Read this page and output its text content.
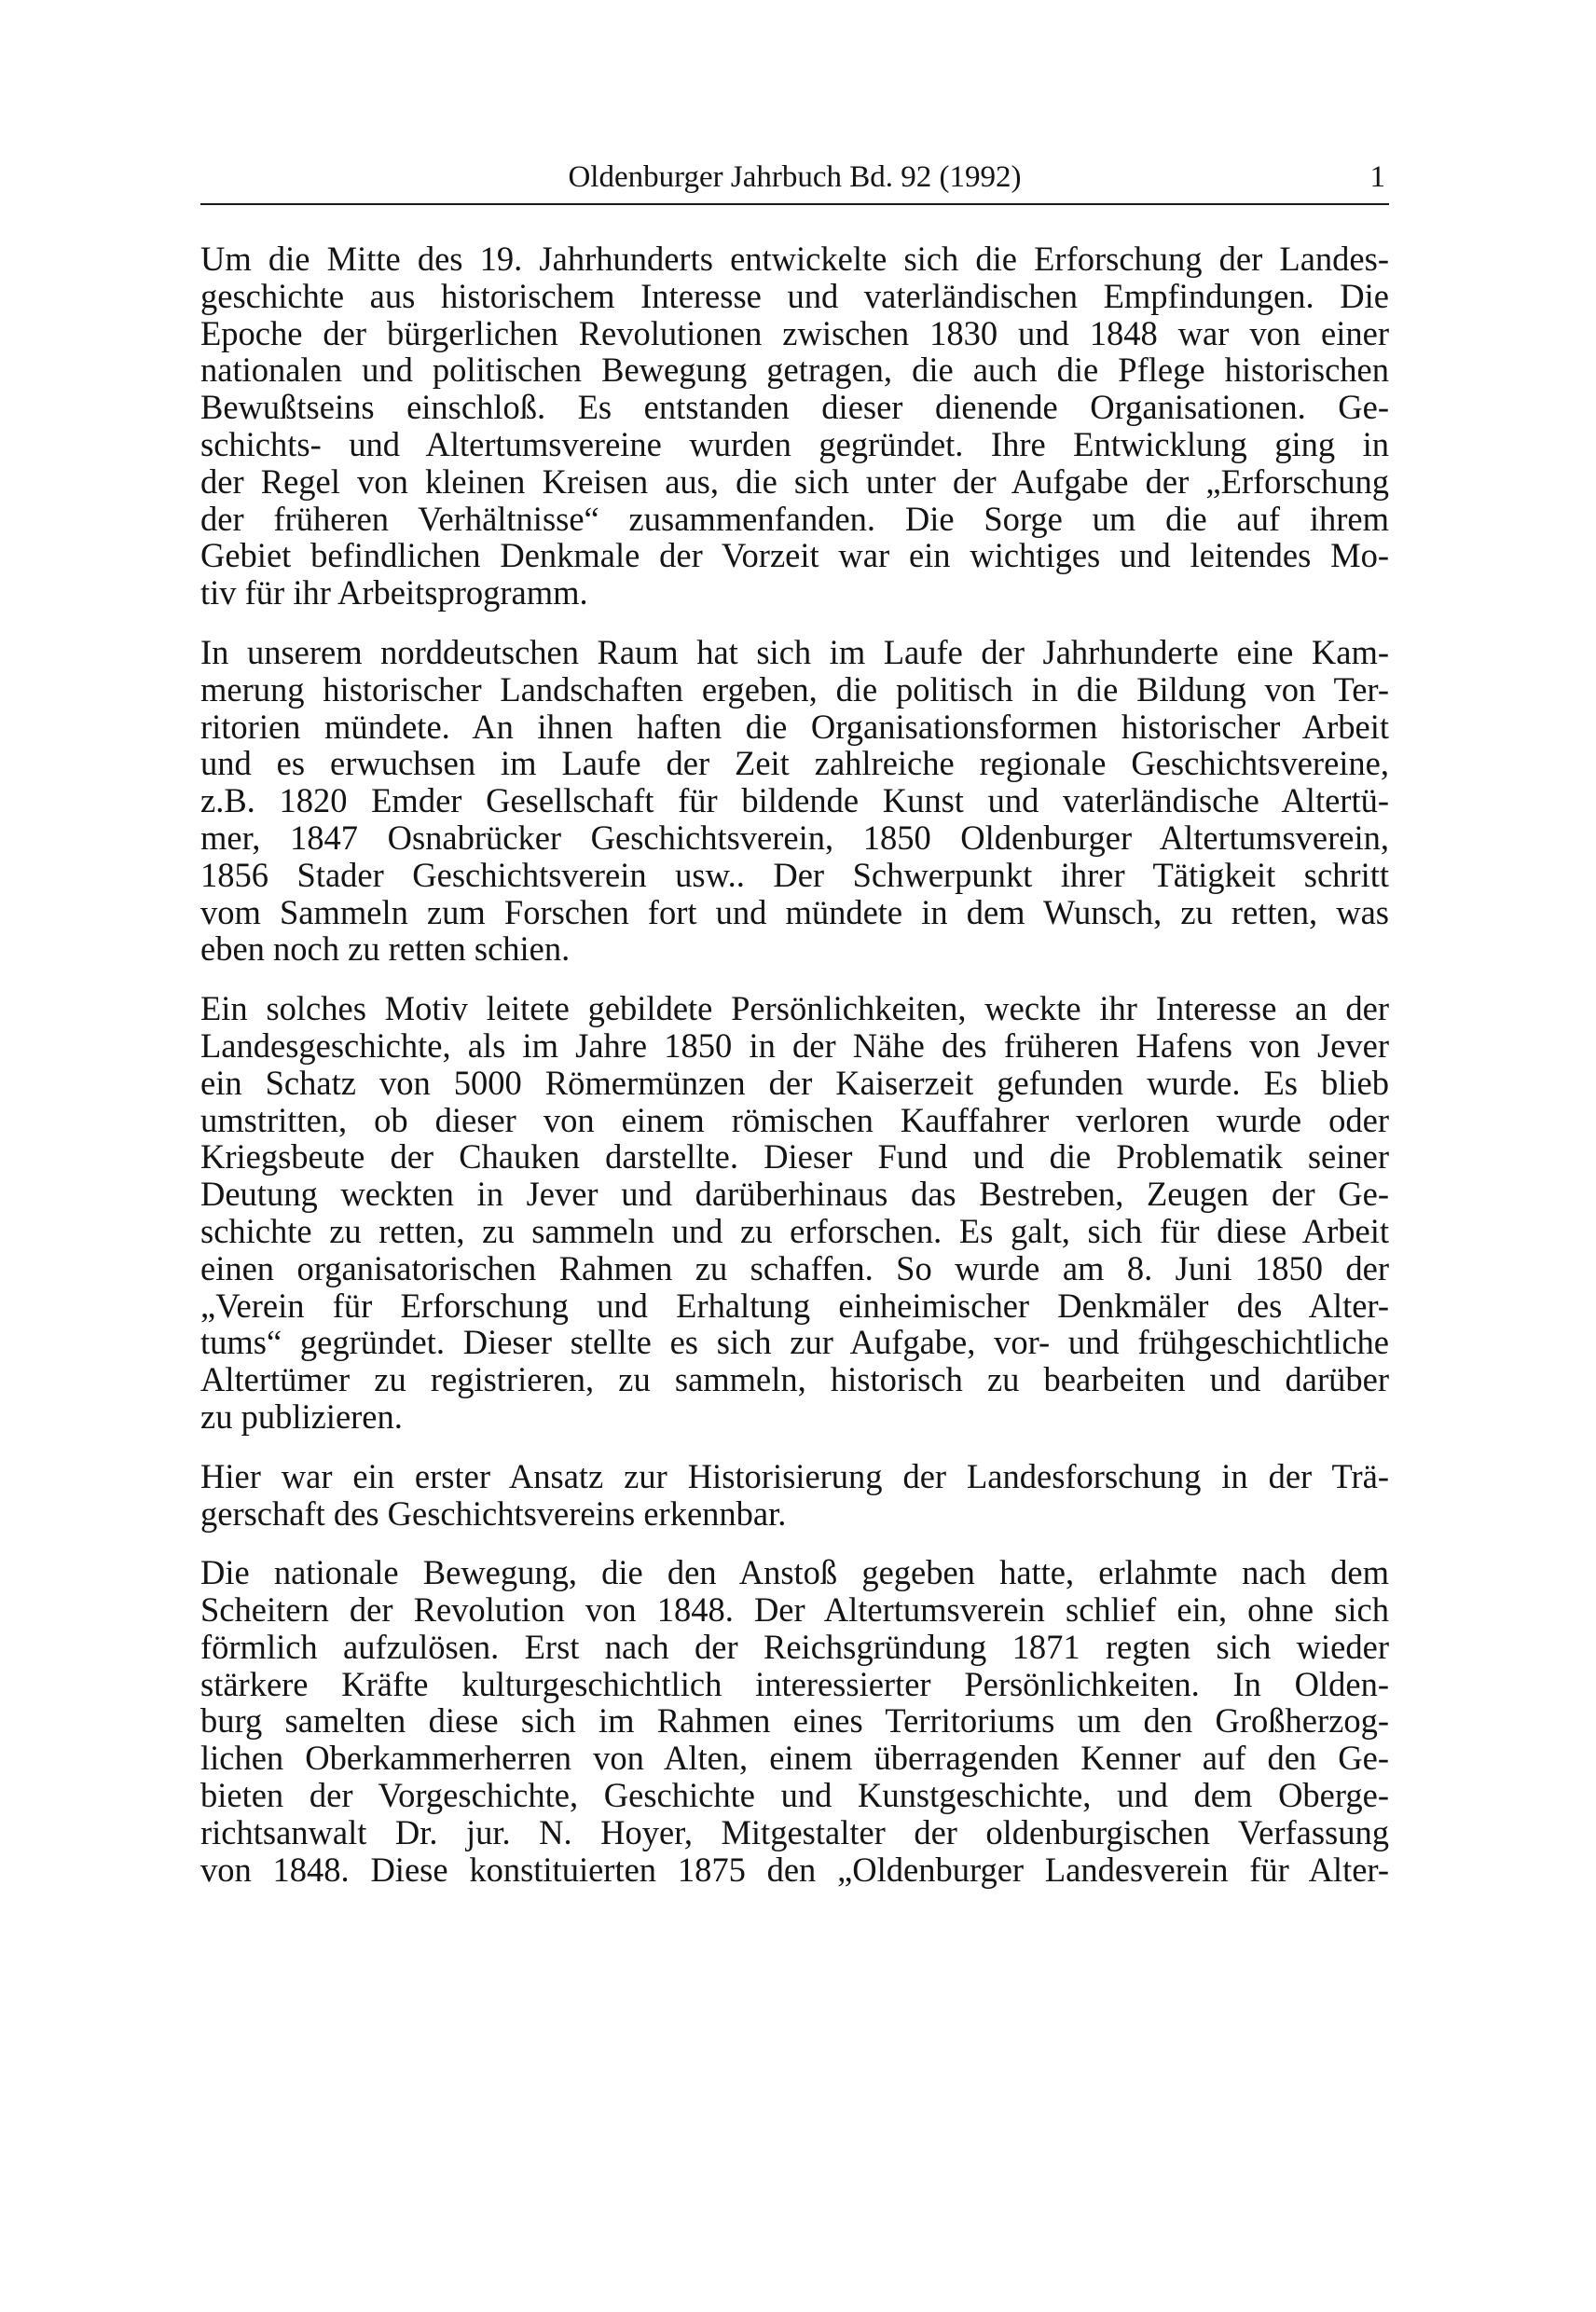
Oldenburger Jahrbuch Bd. 92 (1992)	1
Um die Mitte des 19. Jahrhunderts entwickelte sich die Erforschung der Landes-
geschichte aus historischem Interesse und vaterländischen Empfindungen. Die
Epoche der bürgerlichen Revolutionen zwischen 1830 und 1848 war von einer
nationalen und politischen Bewegung getragen, die auch die Pflege historischen
Bewußtseins einschloß. Es entstanden dieser dienende Organisationen. Ge-
schichts- und Altertumsvereine wurden gegründet. Ihre Entwicklung ging in
der Regel von kleinen Kreisen aus, die sich unter der Aufgabe der „Erforschung
der früheren Verhältnisse“ zusammenfanden. Die Sorge um die auf ihrem
Gebiet befindlichen Denkmale der Vorzeit war ein wichtiges und leitendes Mo-
tiv für ihr Arbeitsprogramm.
In unserem norddeutschen Raum hat sich im Laufe der Jahrhunderte eine Kam-
merung historischer Landschaften ergeben, die politisch in die Bildung von Ter-
ritorien mündete. An ihnen haften die Organisationsformen historischer Arbeit
und es erwuchsen im Laufe der Zeit zahlreiche regionale Geschichtsvereine,
z.B. 1820 Emder Gesellschaft für bildende Kunst und vaterländische Altertü-
mer, 1847 Osnabrücker Geschichtsverein, 1850 Oldenburger Altertumsverein,
1856 Stader Geschichtsverein usw.. Der Schwerpunkt ihrer Tätigkeit schritt
vom Sammeln zum Forschen fort und mündete in dem Wunsch, zu retten, was
eben noch zu retten schien.
Ein solches Motiv leitete gebildete Persönlichkeiten, weckte ihr Interesse an der
Landesgeschichte, als im Jahre 1850 in der Nähe des früheren Hafens von Jever
ein Schatz von 5000 Römermünzen der Kaiserzeit gefunden wurde. Es blieb
umstritten, ob dieser von einem römischen Kauffahrer verloren wurde oder
Kriegsbeute der Chauken darstellte. Dieser Fund und die Problematik seiner
Deutung weckten in Jever und darüberhinaus das Bestreben, Zeugen der Ge-
schichte zu retten, zu sammeln und zu erforschen. Es galt, sich für diese Arbeit
einen organisatorischen Rahmen zu schaffen. So wurde am 8. Juni 1850 der
„Verein für Erforschung und Erhaltung einheimischer Denkmäler des Alter-
tums“ gegründet. Dieser stellte es sich zur Aufgabe, vor- und frühgeschichtliche
Altertümer zu registrieren, zu sammeln, historisch zu bearbeiten und darüber
zu publizieren.
Hier war ein erster Ansatz zur Historisierung der Landesforschung in der Trä-
gerschaft des Geschichtsvereins erkennbar.
Die nationale Bewegung, die den Anstoß gegeben hatte, erlahmte nach dem
Scheitern der Revolution von 1848. Der Altertumsverein schlief ein, ohne sich
förmlich aufzulösen. Erst nach der Reichsgründung 1871 regten sich wieder
stärkere Kräfte kulturgeschichtlich interessierter Persönlichkeiten. In Olden-
burg samelten diese sich im Rahmen eines Territoriums um den Großherzog-
lichen Oberkammerherren von Alten, einem überragenden Kenner auf den Ge-
bieten der Vorgeschichte, Geschichte und Kunstgeschichte, und dem Oberge-
richtsanwalt Dr. jur. N. Hoyer, Mitgestalter der oldenburgischen Verfassung
von 1848. Diese konstituierten 1875 den „Oldenburger Landesverein für Alter-
